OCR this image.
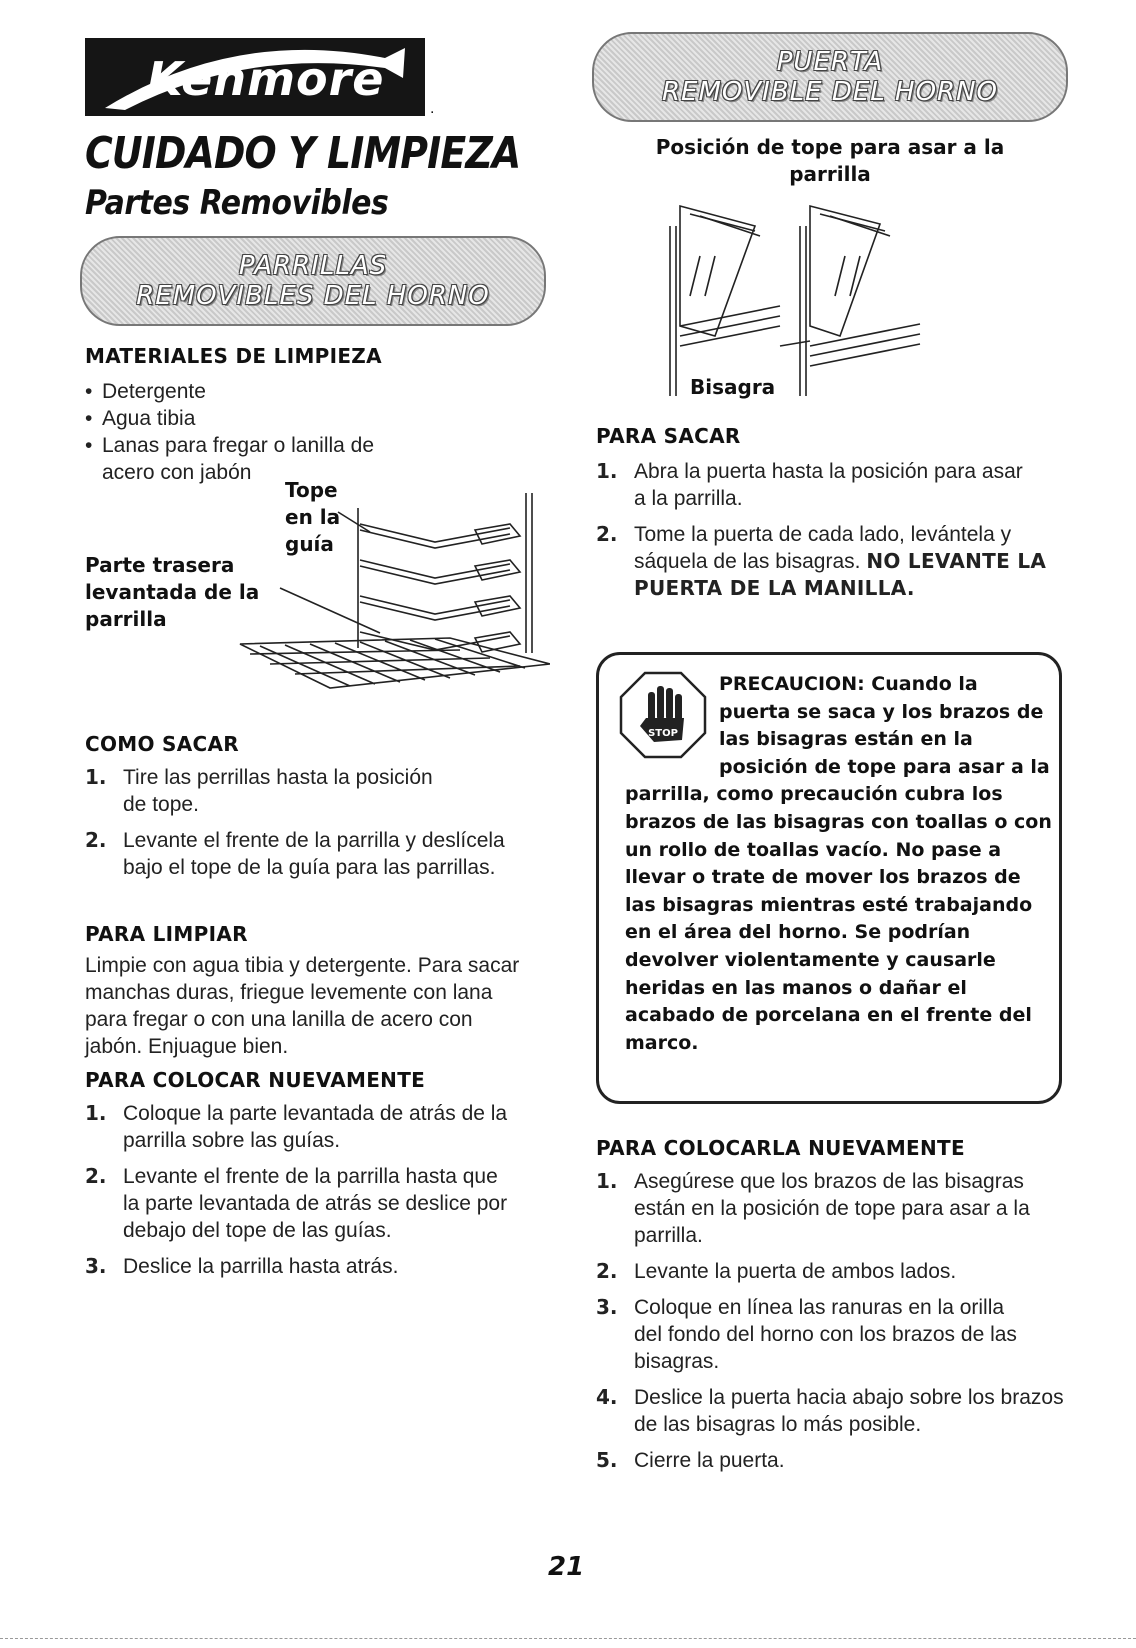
Kenmore
.
CUIDADO Y LIMPIEZA
Partes Removibles
PARRILLAS
REMOVIBLES DEL HORNO
PUERTA
REMOVIBLE DEL HORNO
MATERIALES DE LIMPIEZA
• Detergente
• Agua tibia
• Lanas para fregar o lanilla de acero con jabón
Tope en la guía
Parte trasera levantada de la parrilla
COMO SACAR
1. Tire las perrillas hasta la posición de tope.
2. Levante el frente de la parrilla y deslícela bajo el tope de la guía para las parrillas.
PARA LIMPIAR
Limpie con agua tibia y detergente. Para sacar manchas duras, friegue levemente con lana para fregar o con una lanilla de acero con jabón. Enjuague bien.
PARA COLOCAR NUEVAMENTE
1. Coloque la parte levantada de atrás de la parrilla sobre las guías.
2. Levante el frente de la parrilla hasta que la parte levantada de atrás se deslice por debajo del tope de las guías.
3. Deslice la parrilla hasta atrás.
Posición de tope para asar a la parrilla
Bisagra
PARA SACAR
1. Abra la puerta hasta la posición para asar a la parrilla.
2. Tome la puerta de cada lado, levántela y sáquela de las bisagras. NO LEVANTE LA PUERTA DE LA MANILLA.
PRECAUCION: Cuando la puerta se saca y los brazos de las bisagras están en la posición de tope para asar a la parrilla, como precaución cubra los brazos de las bisagras con toallas o con un rollo de toallas vacío. No pase a llevar o trate de mover los brazos de las bisagras mientras esté trabajando en el área del horno. Se podrían devolver violentamente y causarle heridas en las manos o dañar el acabado de porcelana en el frente del marco.
STOP
PARA COLOCARLA NUEVAMENTE
1. Asegúrese que los brazos de las bisagras están en la posición de tope para asar a la parrilla.
2. Levante la puerta de ambos lados.
3. Coloque en línea las ranuras en la orilla del fondo del horno con los brazos de las bisagras.
4. Deslice la puerta hacia abajo sobre los brazos de las bisagras lo más posible.
5. Cierre la puerta.
21
